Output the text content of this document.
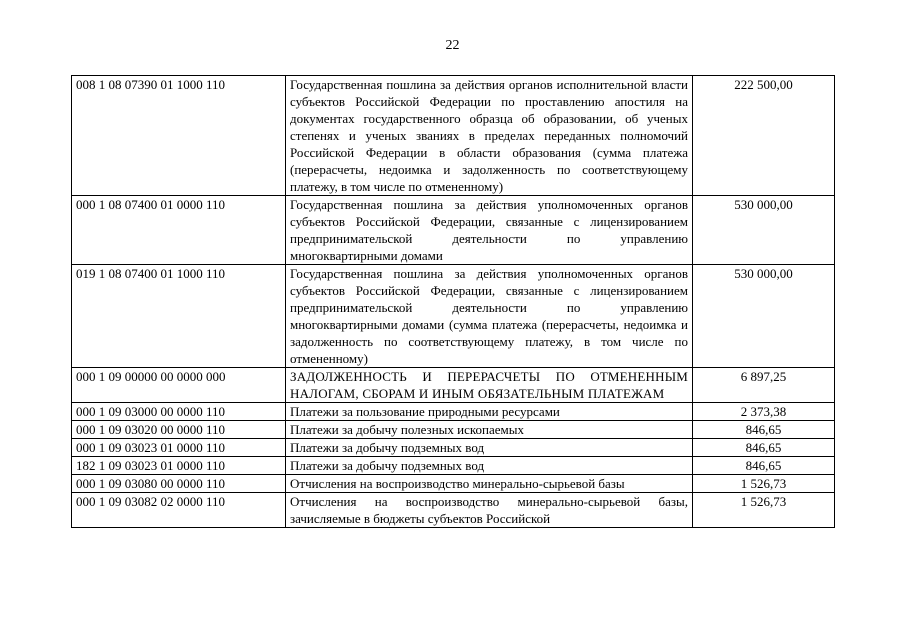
22
008 1 08 07390 01 1000 110	Государственная пошлина за действия органов исполнительной власти субъектов Российской Федерации по проставлению апостиля на документах государственного образца об образовании, об ученых степенях и ученых званиях в пределах переданных полномочий Российской Федерации в области образования (сумма платежа (перерасчеты, недоимка и задолженность по соответствующему платежу, в том числе по отмененному)	222 500,00
000 1 08 07400 01 0000 110	Государственная пошлина за действия уполномоченных органов субъектов Российской Федерации, связанные с лицензированием предпринимательской деятельности по управлению многоквартирными домами	530 000,00
019 1 08 07400 01 1000 110	Государственная пошлина за действия уполномоченных органов субъектов Российской Федерации, связанные с лицензированием предпринимательской деятельности по управлению многоквартирными домами (сумма платежа (перерасчеты, недоимка и задолженность по соответствующему платежу, в том числе по отмененному)	530 000,00
000 1 09 00000 00 0000 000	ЗАДОЛЖЕННОСТЬ И ПЕРЕРАСЧЕТЫ ПО ОТМЕНЕННЫМ НАЛОГАМ, СБОРАМ И ИНЫМ ОБЯЗАТЕЛЬНЫМ ПЛАТЕЖАМ	6 897,25
000 1 09 03000 00 0000 110	Платежи за пользование природными ресурсами	2 373,38
000 1 09 03020 00 0000 110	Платежи за добычу полезных ископаемых	846,65
000 1 09 03023 01 0000 110	Платежи за добычу подземных вод	846,65
182 1 09 03023 01 0000 110	Платежи за добычу подземных вод	846,65
000 1 09 03080 00 0000 110	Отчисления на воспроизводство минерально-сырьевой базы	1 526,73
000 1 09 03082 02 0000 110	Отчисления на воспроизводство минерально-сырьевой базы, зачисляемые в бюджеты субъектов Российской	1 526,73
